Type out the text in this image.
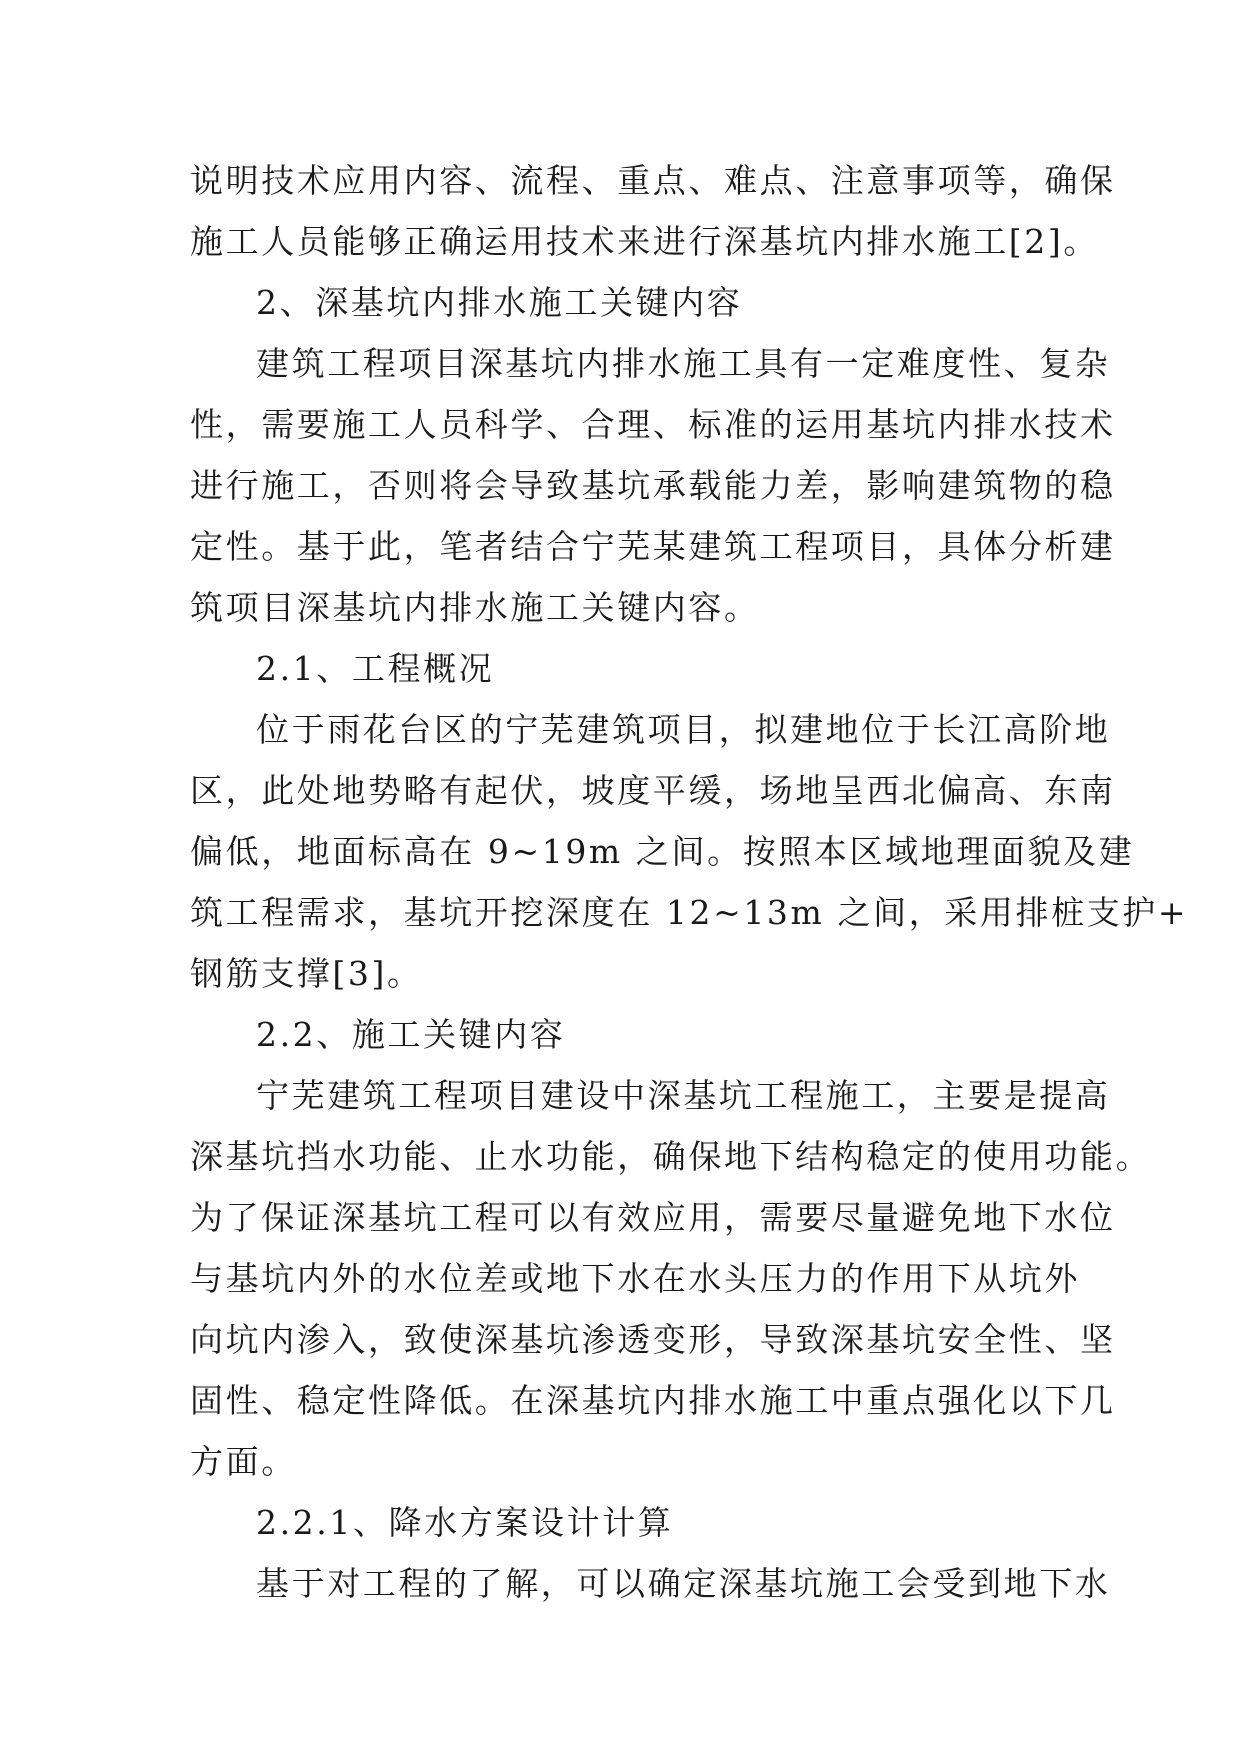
说明技术应用内容、流程、重点、难点、注意事项等，确保
施工人员能够正确运用技术来进行深基坑内排水施工[2]。
2、深基坑内排水施工关键内容
建筑工程项目深基坑内排水施工具有一定难度性、复杂
性，需要施工人员科学、合理、标准的运用基坑内排水技术
进行施工，否则将会导致基坑承载能力差，影响建筑物的稳
定性。基于此，笔者结合宁芜某建筑工程项目，具体分析建
筑项目深基坑内排水施工关键内容。
2.1、工程概况
位于雨花台区的宁芜建筑项目，拟建地位于长江高阶地
区，此处地势略有起伏，坡度平缓，场地呈西北偏高、东南
偏低，地面标高在 9~19m 之间。按照本区域地理面貌及建
筑工程需求，基坑开挖深度在 12~13m 之间，采用排桩支护+
钢筋支撑[3]。
2.2、施工关键内容
宁芜建筑工程项目建设中深基坑工程施工，主要是提高
深基坑挡水功能、止水功能，确保地下结构稳定的使用功能。
为了保证深基坑工程可以有效应用，需要尽量避免地下水位
与基坑内外的水位差或地下水在水头压力的作用下从坑外
向坑内渗入，致使深基坑渗透变形，导致深基坑安全性、坚
固性、稳定性降低。在深基坑内排水施工中重点强化以下几
方面。
2.2.1、降水方案设计计算
基于对工程的了解，可以确定深基坑施工会受到地下水
